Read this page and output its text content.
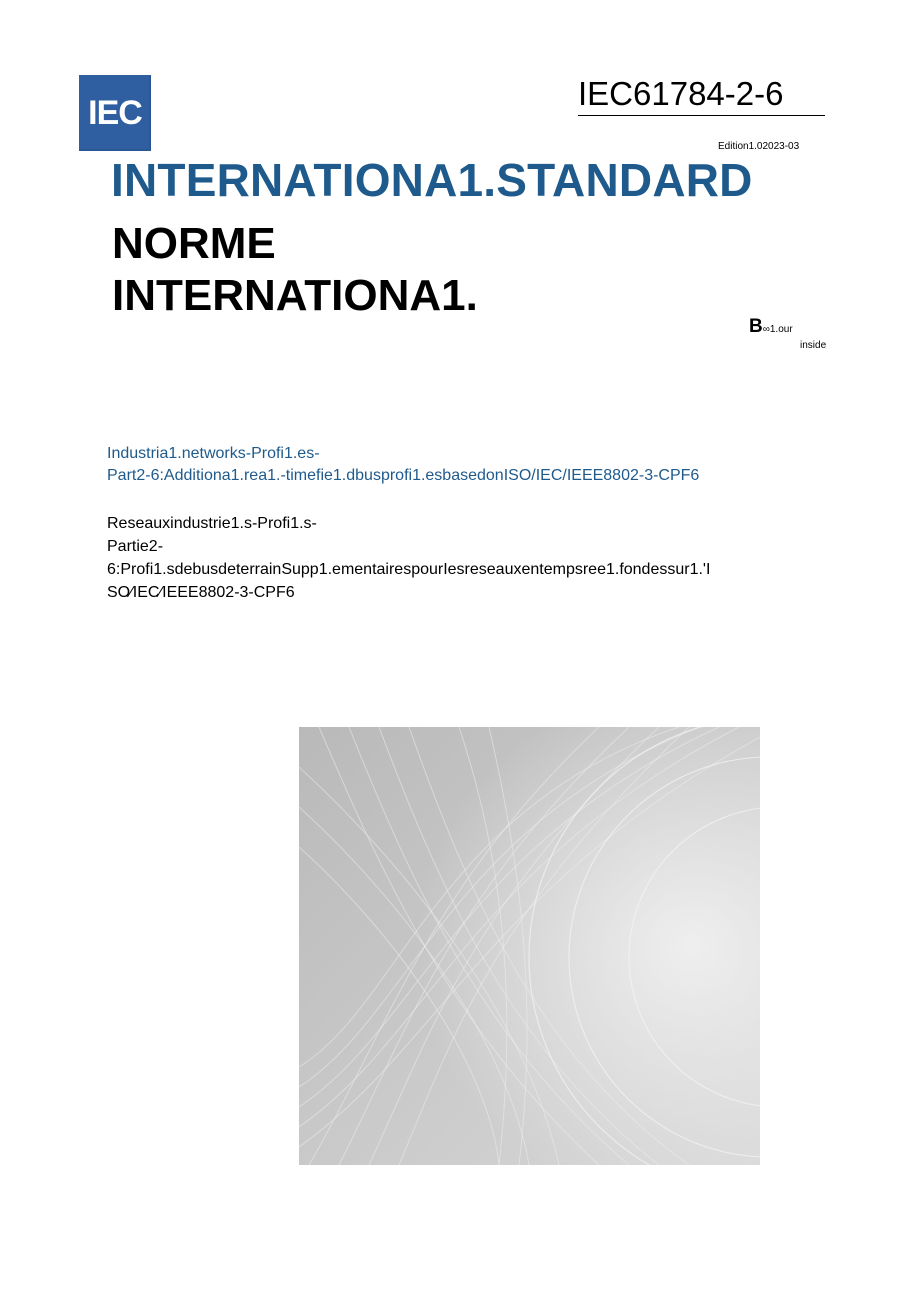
IEC	IEC61784-2-6
Edition1.02023-03
INTERNATIONA1.STANDARD
NORME
INTERNATIONA1.
B∞1.our
inside
Industria1.networks-Profi1.es-
Part2-6:Additiona1.rea1.-timefie1.dbusprofi1.esbasedonISO/IEC/IEEE8802-3-CPF6
Reseauxindustrie1.s-Profi1.s-
Partie2-
6:Profi1.sdebusdeterrainSupp1.ementairespourIesreseauxentempsree1.fondessur1.'I
SO⁄IEC⁄IEEE8802-3-CPF6
